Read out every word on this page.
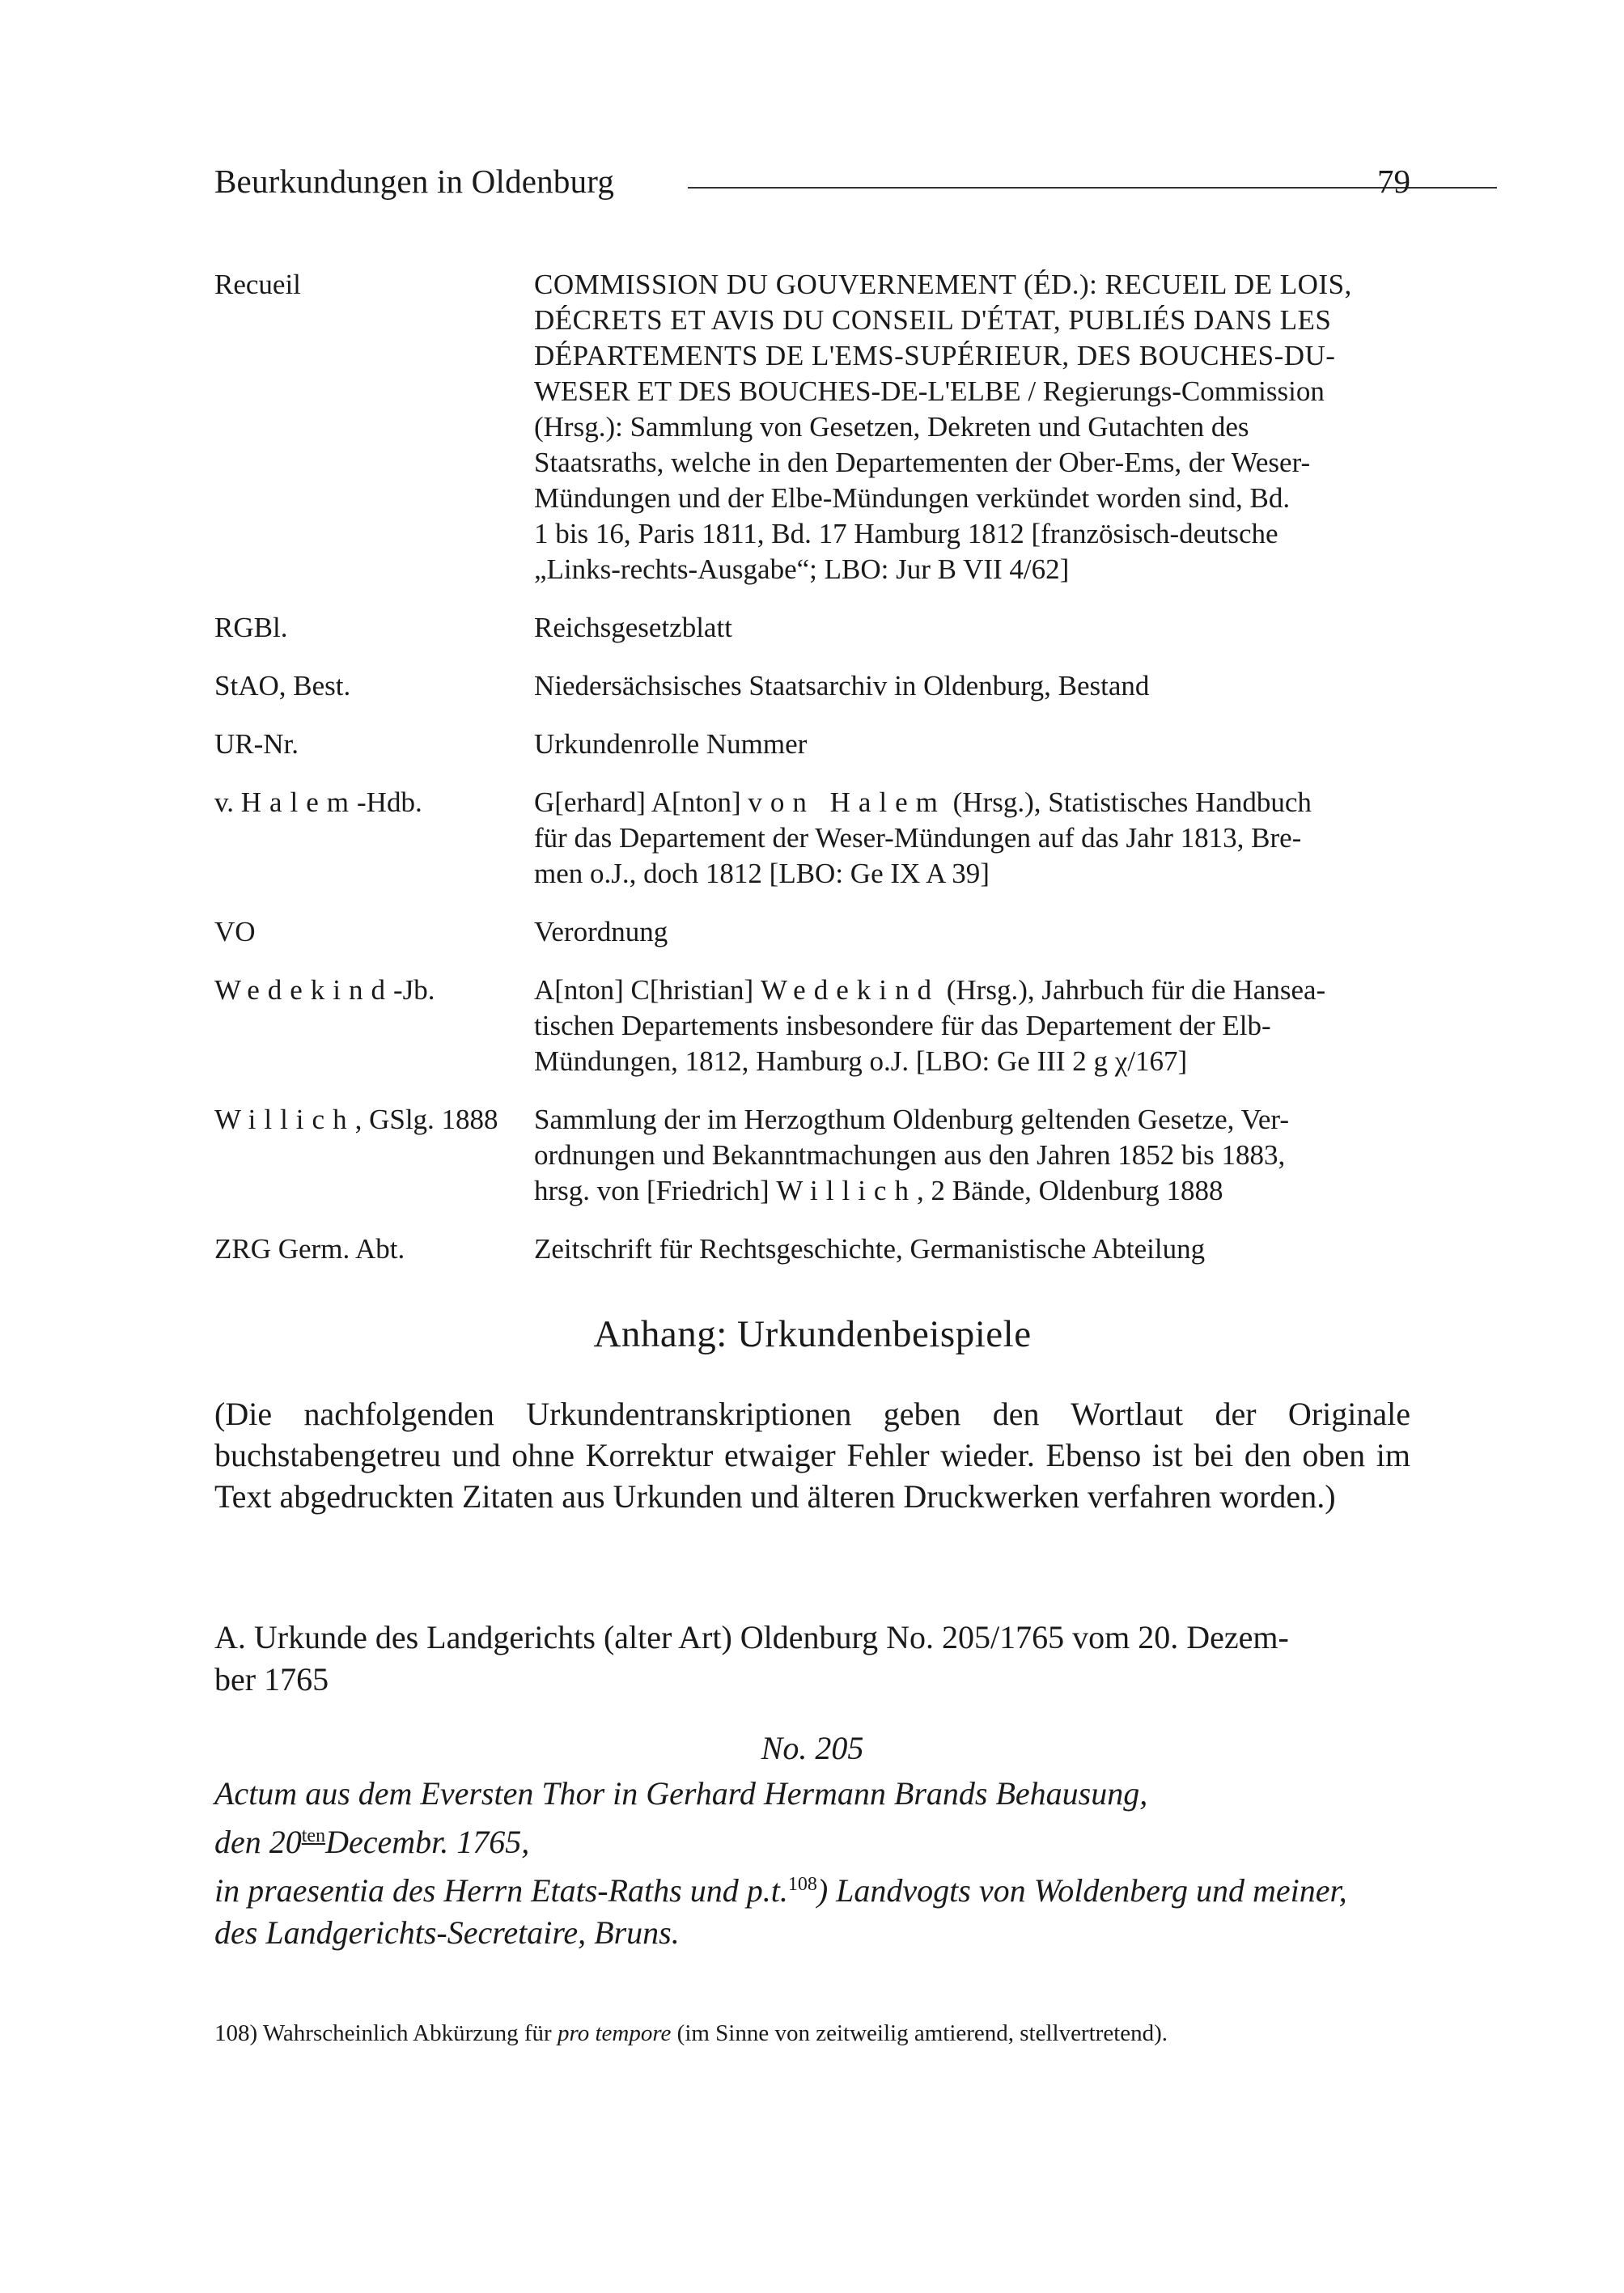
Beurkundungen in Oldenburg	79
Recueil	COMMISSION DU GOUVERNEMENT (ÉD.): RECUEIL DE LOIS,
DÉCRETS ET AVIS DU CONSEIL D'ÉTAT, PUBLIÉS DANS LES
DÉPARTEMENTS DE L'EMS-SUPÉRIEUR, DES BOUCHES-DU-
WESER ET DES BOUCHES-DE-L'ELBE / Regierungs-Commission
(Hrsg.): Sammlung von Gesetzen, Dekreten und Gutachten des
Staatsraths, welche in den Departementen der Ober-Ems, der Weser-
Mündungen und der Elbe-Mündungen verkündet worden sind, Bd.
1 bis 16, Paris 1811, Bd. 17 Hamburg 1812 [französisch-deutsche
„Links-rechts-Ausgabe“; LBO: Jur B VII 4/62]
RGBl.	Reichsgesetzblatt
StAO, Best.	Niedersächsisches Staatsarchiv in Oldenburg, Bestand
UR-Nr.	Urkundenrolle Nummer
v. Halem-Hdb.	G[erhard] A[nton] von Halem (Hrsg.), Statistisches Handbuch
für das Departement der Weser-Mündungen auf das Jahr 1813, Bre-
men o.J., doch 1812 [LBO: Ge IX A 39]
VO	Verordnung
Wedekind-Jb.	A[nton] C[hristian] Wedekind (Hrsg.), Jahrbuch für die Hansea-
tischen Departements insbesondere für das Departement der Elb-
Mündungen, 1812, Hamburg o.J. [LBO: Ge III 2 g χ/167]
Willich, GSlg. 1888	Sammlung der im Herzogthum Oldenburg geltenden Gesetze, Ver-
ordnungen und Bekanntmachungen aus den Jahren 1852 bis 1883,
hrsg. von [Friedrich] Willich, 2 Bände, Oldenburg 1888
ZRG Germ. Abt.	Zeitschrift für Rechtsgeschichte, Germanistische Abteilung
Anhang: Urkundenbeispiele
(Die nachfolgenden Urkundentranskriptionen geben den Wortlaut der Originale buchstabengetreu und ohne Korrektur etwaiger Fehler wieder. Ebenso ist bei den oben im Text abgedruckten Zitaten aus Urkunden und älteren Druckwerken verfahren worden.)
A. Urkunde des Landgerichts (alter Art) Oldenburg No. 205/1765 vom 20. Dezem-
ber 1765
No. 205
Actum aus dem Eversten Thor in Gerhard Hermann Brands Behausung,
den $20^{ten}Decembr$. 1765,
in praesentia des Herrn Etats-Raths und p.t.$^{108}$) Landvogts von Woldenberg und meiner,
des Landgerichts-Secretaire, Bruns.
108) Wahrscheinlich Abkürzung für pro tempore (im Sinne von zeitweilig amtierend, stellvertretend).
